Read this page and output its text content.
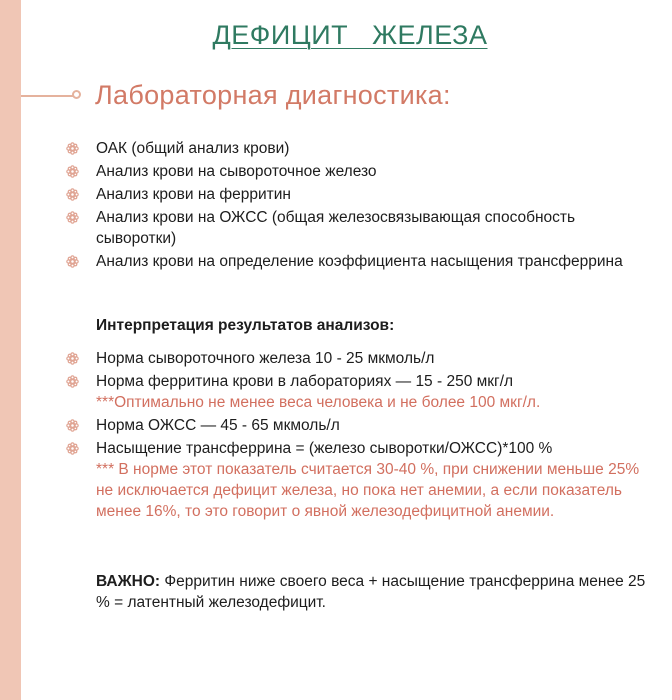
ДЕФИЦИТ   ЖЕЛЕЗА
Лабораторная диагностика:
ОАК (общий анализ крови)
Анализ крови на сывороточное железо
Анализ крови на ферритин
Анализ крови на ОЖСС (общая железосвязывающая способность сыворотки)
Анализ крови на определение коэффициента насыщения трансферрина
Интерпретация результатов анализов:
Норма сывороточного железа 10 - 25 мкмоль/л
Норма ферритина крови в лабораториях — 15 - 250 мкг/л
***Оптимально не менее веса человека и не более 100 мкг/л.
Норма ОЖСС — 45 - 65 мкмоль/л
Насыщение трансферрина = (железо сыворотки/ОЖСС)*100 %
*** В норме этот показатель считается 30-40 %, при снижении меньше 25% не исключается дефицит железа, но пока нет анемии, а если показатель менее 16%, то это говорит о явной железодефицитной анемии.

ВАЖНО: Ферритин ниже своего веса + насыщение трансферрина менее 25 % = латентный железодефицит.
